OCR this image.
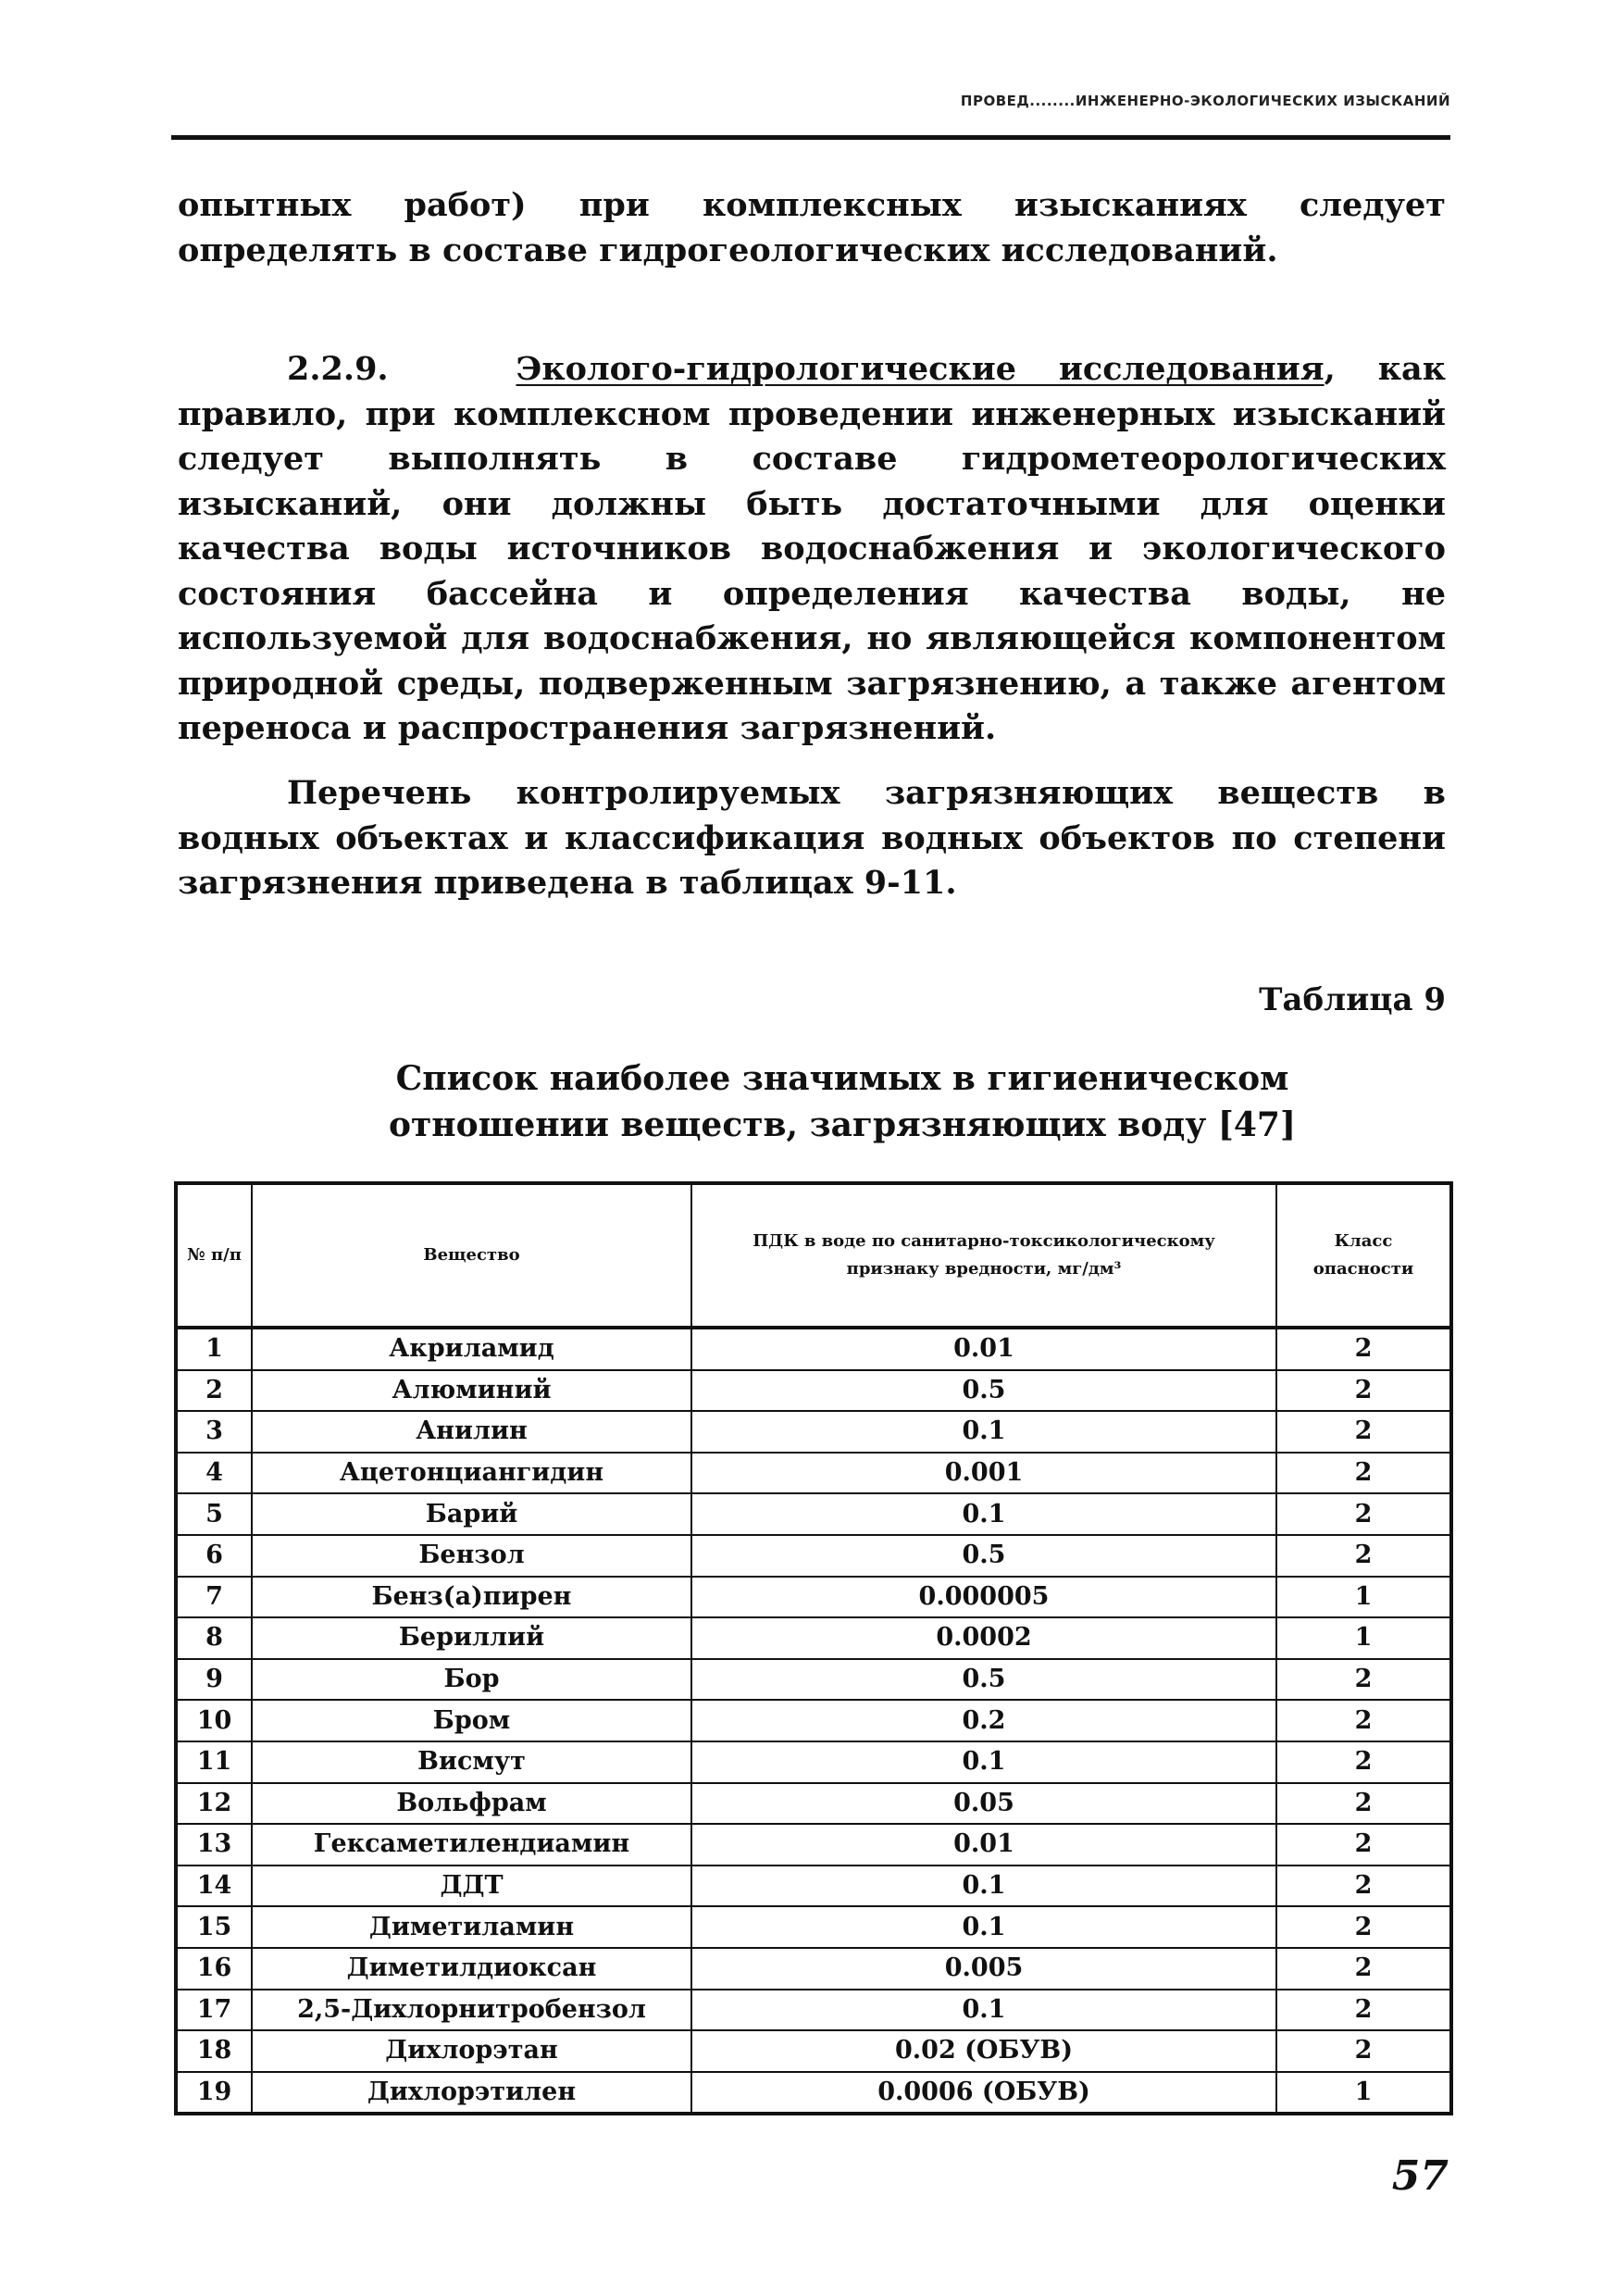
ПРОВЕД........ИНЖЕНЕРНО-ЭКОЛОГИЧЕСКИХ ИЗЫСКАНИЙ

опытных работ) при комплексных изысканиях следует определять в составе гидрогеологических исследований.

2.2.9.	Эколого-гидрологические исследования, как правило, при комплексном проведении инженерных изысканий следует выполнять в составе гидрометеорологических изысканий, они должны быть достаточными для оценки качества воды источников водоснабжения и экологического состояния бассейна и определения качества воды, не используемой для водоснабжения, но являющейся компонентом природной среды, подверженным загрязнению, а также агентом переноса и распространения загрязнений.

Перечень контролируемых загрязняющих веществ в водных объектах и классификация водных объектов по степени загрязнения приведена в таблицах 9-11.

Таблица 9

Список наиболее значимых в гигиеническом отношении веществ, загрязняющих воду [47]

№ п/п	Вещество	ПДК в воде по санитарно-токсикологическому признаку вредности, мг/дм³	Класс опасности
1	Акриламид	0.01	2
2	Алюминий	0.5	2
3	Анилин	0.1	2
4	Ацетонциангидин	0.001	2
5	Барий	0.1	2
6	Бензол	0.5	2
7	Бенз(а)пирен	0.000005	1
8	Бериллий	0.0002	1
9	Бор	0.5	2
10	Бром	0.2	2
11	Висмут	0.1	2
12	Вольфрам	0.05	2
13	Гексаметилендиамин	0.01	2
14	ДДТ	0.1	2
15	Диметиламин	0.1	2
16	Диметилдиоксан	0.005	2
17	2,5-Дихлорнитробензол	0.1	2
18	Дихлорэтан	0.02 (ОБУВ)	2
19	Дихлорэтилен	0.0006 (ОБУВ)	1
57
